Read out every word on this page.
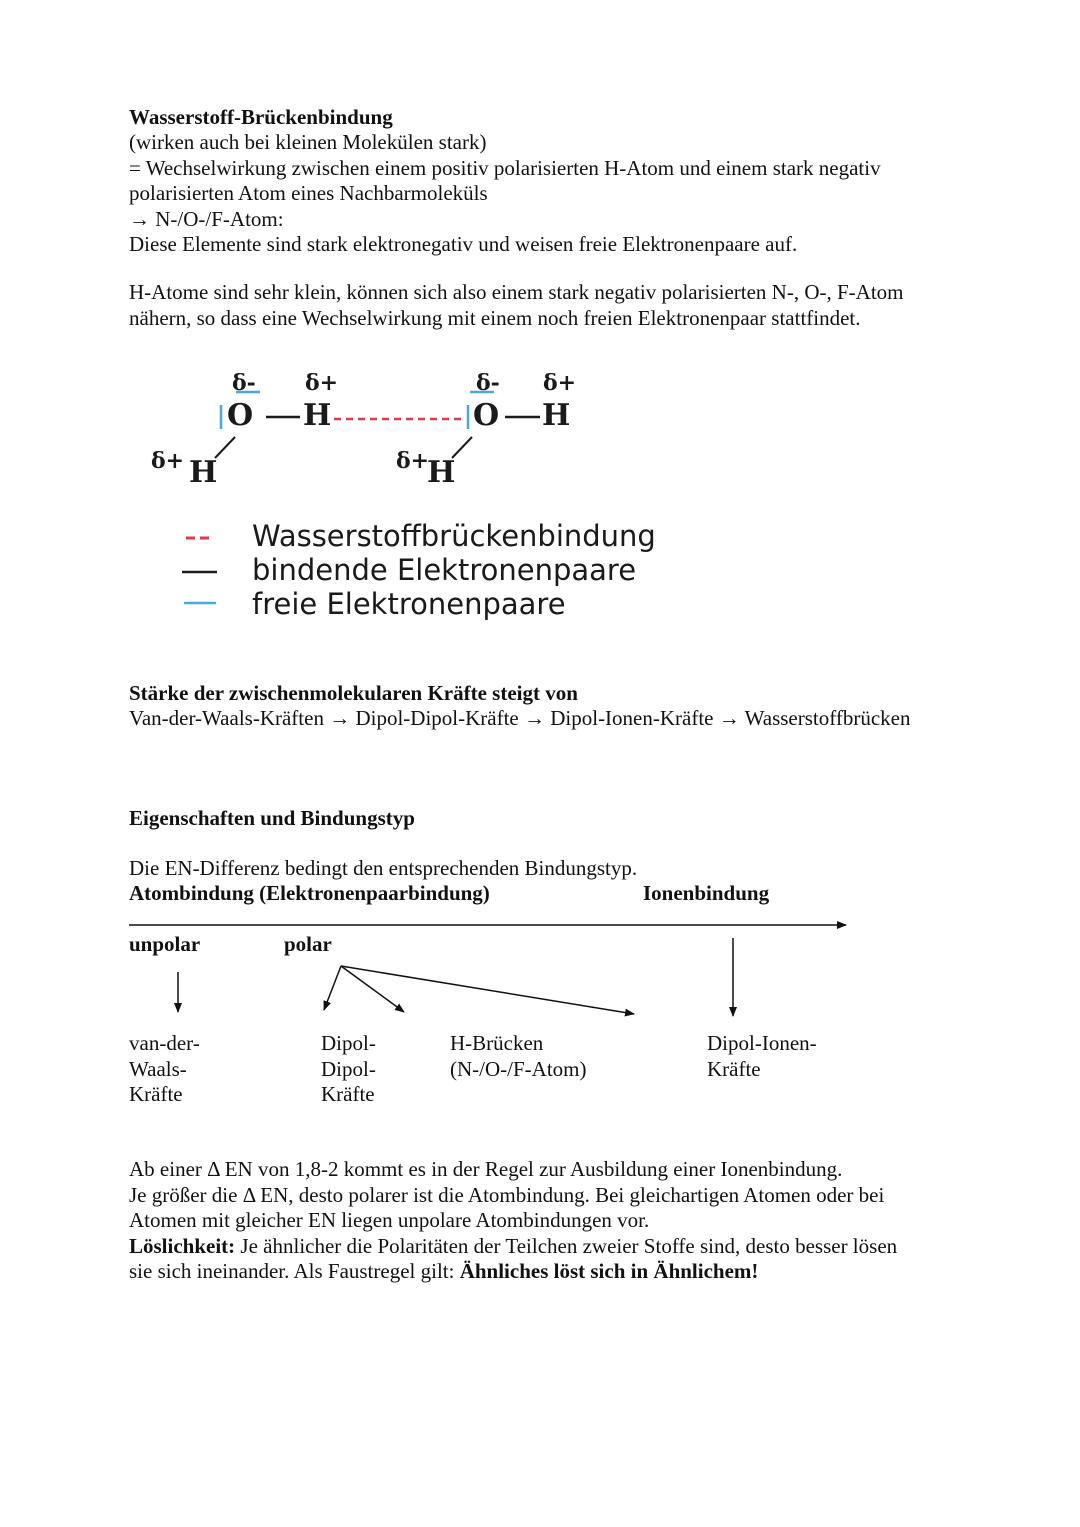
Wasserstoff-Brückenbindung
(wirken auch bei kleinen Molekülen stark)
= Wechselwirkung zwischen einem positiv polarisierten H-Atom und einem stark negativ
polarisierten Atom eines Nachbarmoleküls
→ N-/O-/F-Atom:
Diese Elemente sind stark elektronegativ und weisen freie Elektronenpaare auf.
H-Atome sind sehr klein, können sich also einem stark negativ polarisierten N-, O-, F-Atom
nähern, so dass eine Wechselwirkung mit einem noch freien Elektronenpaar stattfindet.
δ- δ+	δ- δ+
δ+	δ+
O H	O H
H	H
Wasserstoffbrückenbindung
bindende Elektronenpaare
freie Elektronenpaare
Stärke der zwischenmolekularen Kräfte steigt von
Van-der-Waals-Kräften → Dipol-Dipol-Kräfte → Dipol-Ionen-Kräfte → Wasserstoffbrücken
Eigenschaften und Bindungstyp
Die EN-Differenz bedingt den entsprechenden Bindungstyp.
Atombindung (Elektronenpaarbindung)	Ionenbindung
unpolar	polar
van-der-
Waals-
Kräfte
Dipol-
Dipol-
Kräfte
H-Brücken
(N-/O-/F-Atom)
Dipol-Ionen-
Kräfte
Ab einer Δ EN von 1,8-2 kommt es in der Regel zur Ausbildung einer Ionenbindung.
Je größer die Δ EN, desto polarer ist die Atombindung. Bei gleichartigen Atomen oder bei
Atomen mit gleicher EN liegen unpolare Atombindungen vor.
Löslichkeit: Je ähnlicher die Polaritäten der Teilchen zweier Stoffe sind, desto besser lösen
sie sich ineinander. Als Faustregel gilt: Ähnliches löst sich in Ähnlichem!
